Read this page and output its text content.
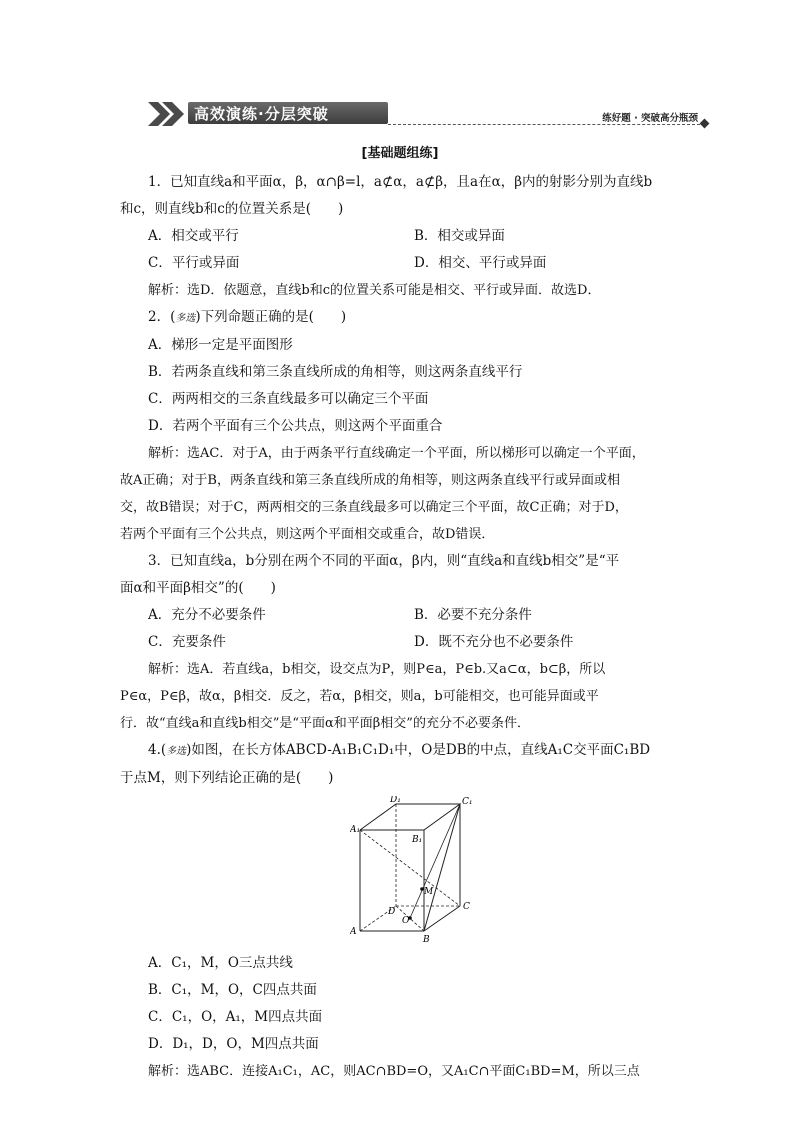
高效演练·分层突破	练好题 · 突破高分瓶颈
[基础题组练]

1．已知直线a和平面α，β，α∩β=l，a⊄α，a⊄β，且a在α，β内的射影分别为直线b

和c，则直线b和c的位置关系是(　　)

A．相交或平行	B．相交或异面
C．平行或异面	D．相交、平行或异面

解析：选D．依题意，直线b和c的位置关系可能是相交、平行或异面．故选D．

2．(多选)下列命题正确的是(　　)

A．梯形一定是平面图形
B．若两条直线和第三条直线所成的角相等，则这两条直线平行
C．两两相交的三条直线最多可以确定三个平面
D．若两个平面有三个公共点，则这两个平面重合

解析：选AC．对于A，由于两条平行直线确定一个平面，所以梯形可以确定一个平面，

故A正确；对于B，两条直线和第三条直线所成的角相等，则这两条直线平行或异面或相

交，故B错误；对于C，两两相交的三条直线最多可以确定三个平面，故C正确；对于D，

若两个平面有三个公共点，则这两个平面相交或重合，故D错误．

3．已知直线a，b分别在两个不同的平面α，β内，则“直线a和直线b相交”是“平

面α和平面β相交”的(　　)

A．充分不必要条件	B．必要不充分条件
C．充要条件	D．既不充分也不必要条件

解析：选A．若直线a，b相交，设交点为P，则P∈a，P∈b.又a⊂α，b⊂β，所以

P∈α，P∈β，故α，β相交．反之，若α，β相交，则a，b可能相交，也可能异面或平

行．故“直线a和直线b相交”是“平面α和平面β相交”的充分不必要条件．

4.(多选)如图，在长方体ABCD-A₁B₁C₁D₁中，O是DB的中点，直线A₁C交平面C₁BD

于点M，则下列结论正确的是(　　)

D₁	C₁
A₁
B₁
M
D
O
C
A
B
A．C₁，M，O三点共线
B．C₁，M，O，C四点共面
C．C₁，O，A₁，M四点共面
D．D₁，D，O，M四点共面

解析：选ABC．连接A₁C₁，AC，则AC∩BD=O，又A₁C∩平面C₁BD=M，所以三点
